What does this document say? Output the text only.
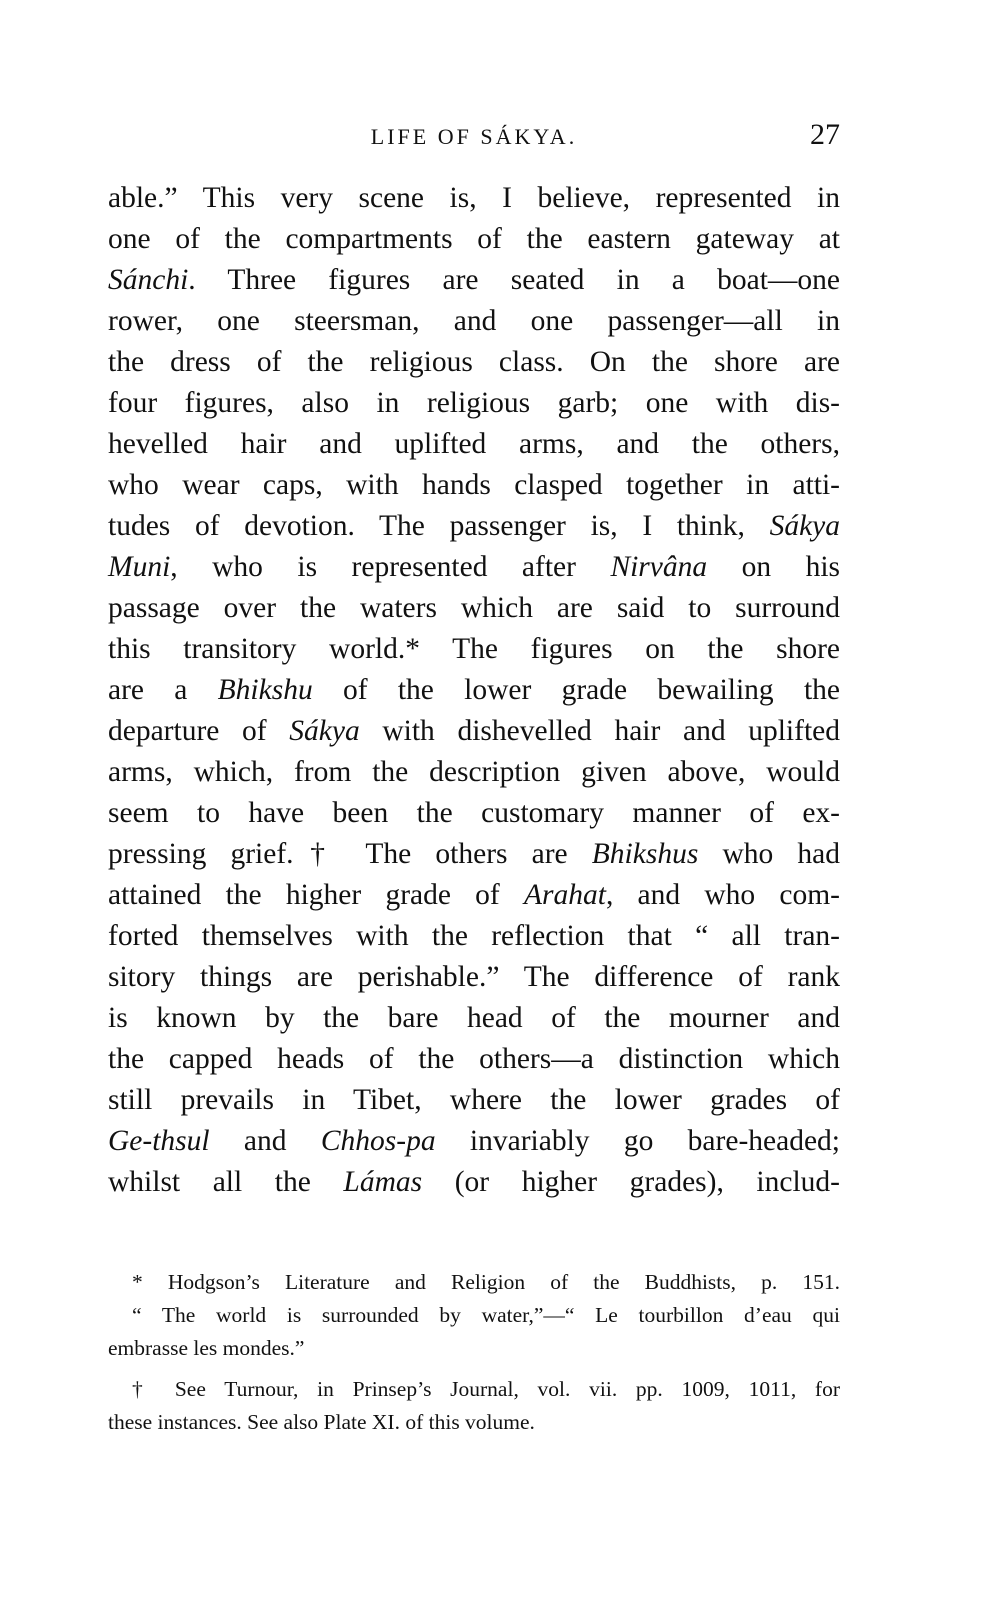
LIFE OF SÁKYA.	27
able.” This very scene is, I believe, represented in
one of the compartments of the eastern gateway at
Sánchi. Three figures are seated in a boat—one
rower, one steersman, and one passenger—all in
the dress of the religious class. On the shore are
four figures, also in religious garb; one with dis-
hevelled hair and uplifted arms, and the others,
who wear caps, with hands clasped together in atti-
tudes of devotion. The passenger is, I think, Sákya
Muni, who is represented after Nirvâna on his
passage over the waters which are said to surround
this transitory world.* The figures on the shore
are a Bhikshu of the lower grade bewailing the
departure of Sákya with dishevelled hair and uplifted
arms, which, from the description given above, would
seem to have been the customary manner of ex-
pressing grief.† The others are Bhikshus who had
attained the higher grade of Arahat, and who com-
forted themselves with the reflection that “ all tran-
sitory things are perishable.” The difference of rank
is known by the bare head of the mourner and
the capped heads of the others—a distinction which
still prevails in Tibet, where the lower grades of
Ge-thsul and Chhos-pa invariably go bare-headed;
whilst all the Lámas (or higher grades), includ-
* Hodgson’s Literature and Religion of the Buddhists, p. 151.
“ The world is surrounded by water,”—“ Le tourbillon d’eau qui
embrasse les mondes.”
† See Turnour, in Prinsep’s Journal, vol. vii. pp. 1009, 1011, for
these instances. See also Plate XI. of this volume.
